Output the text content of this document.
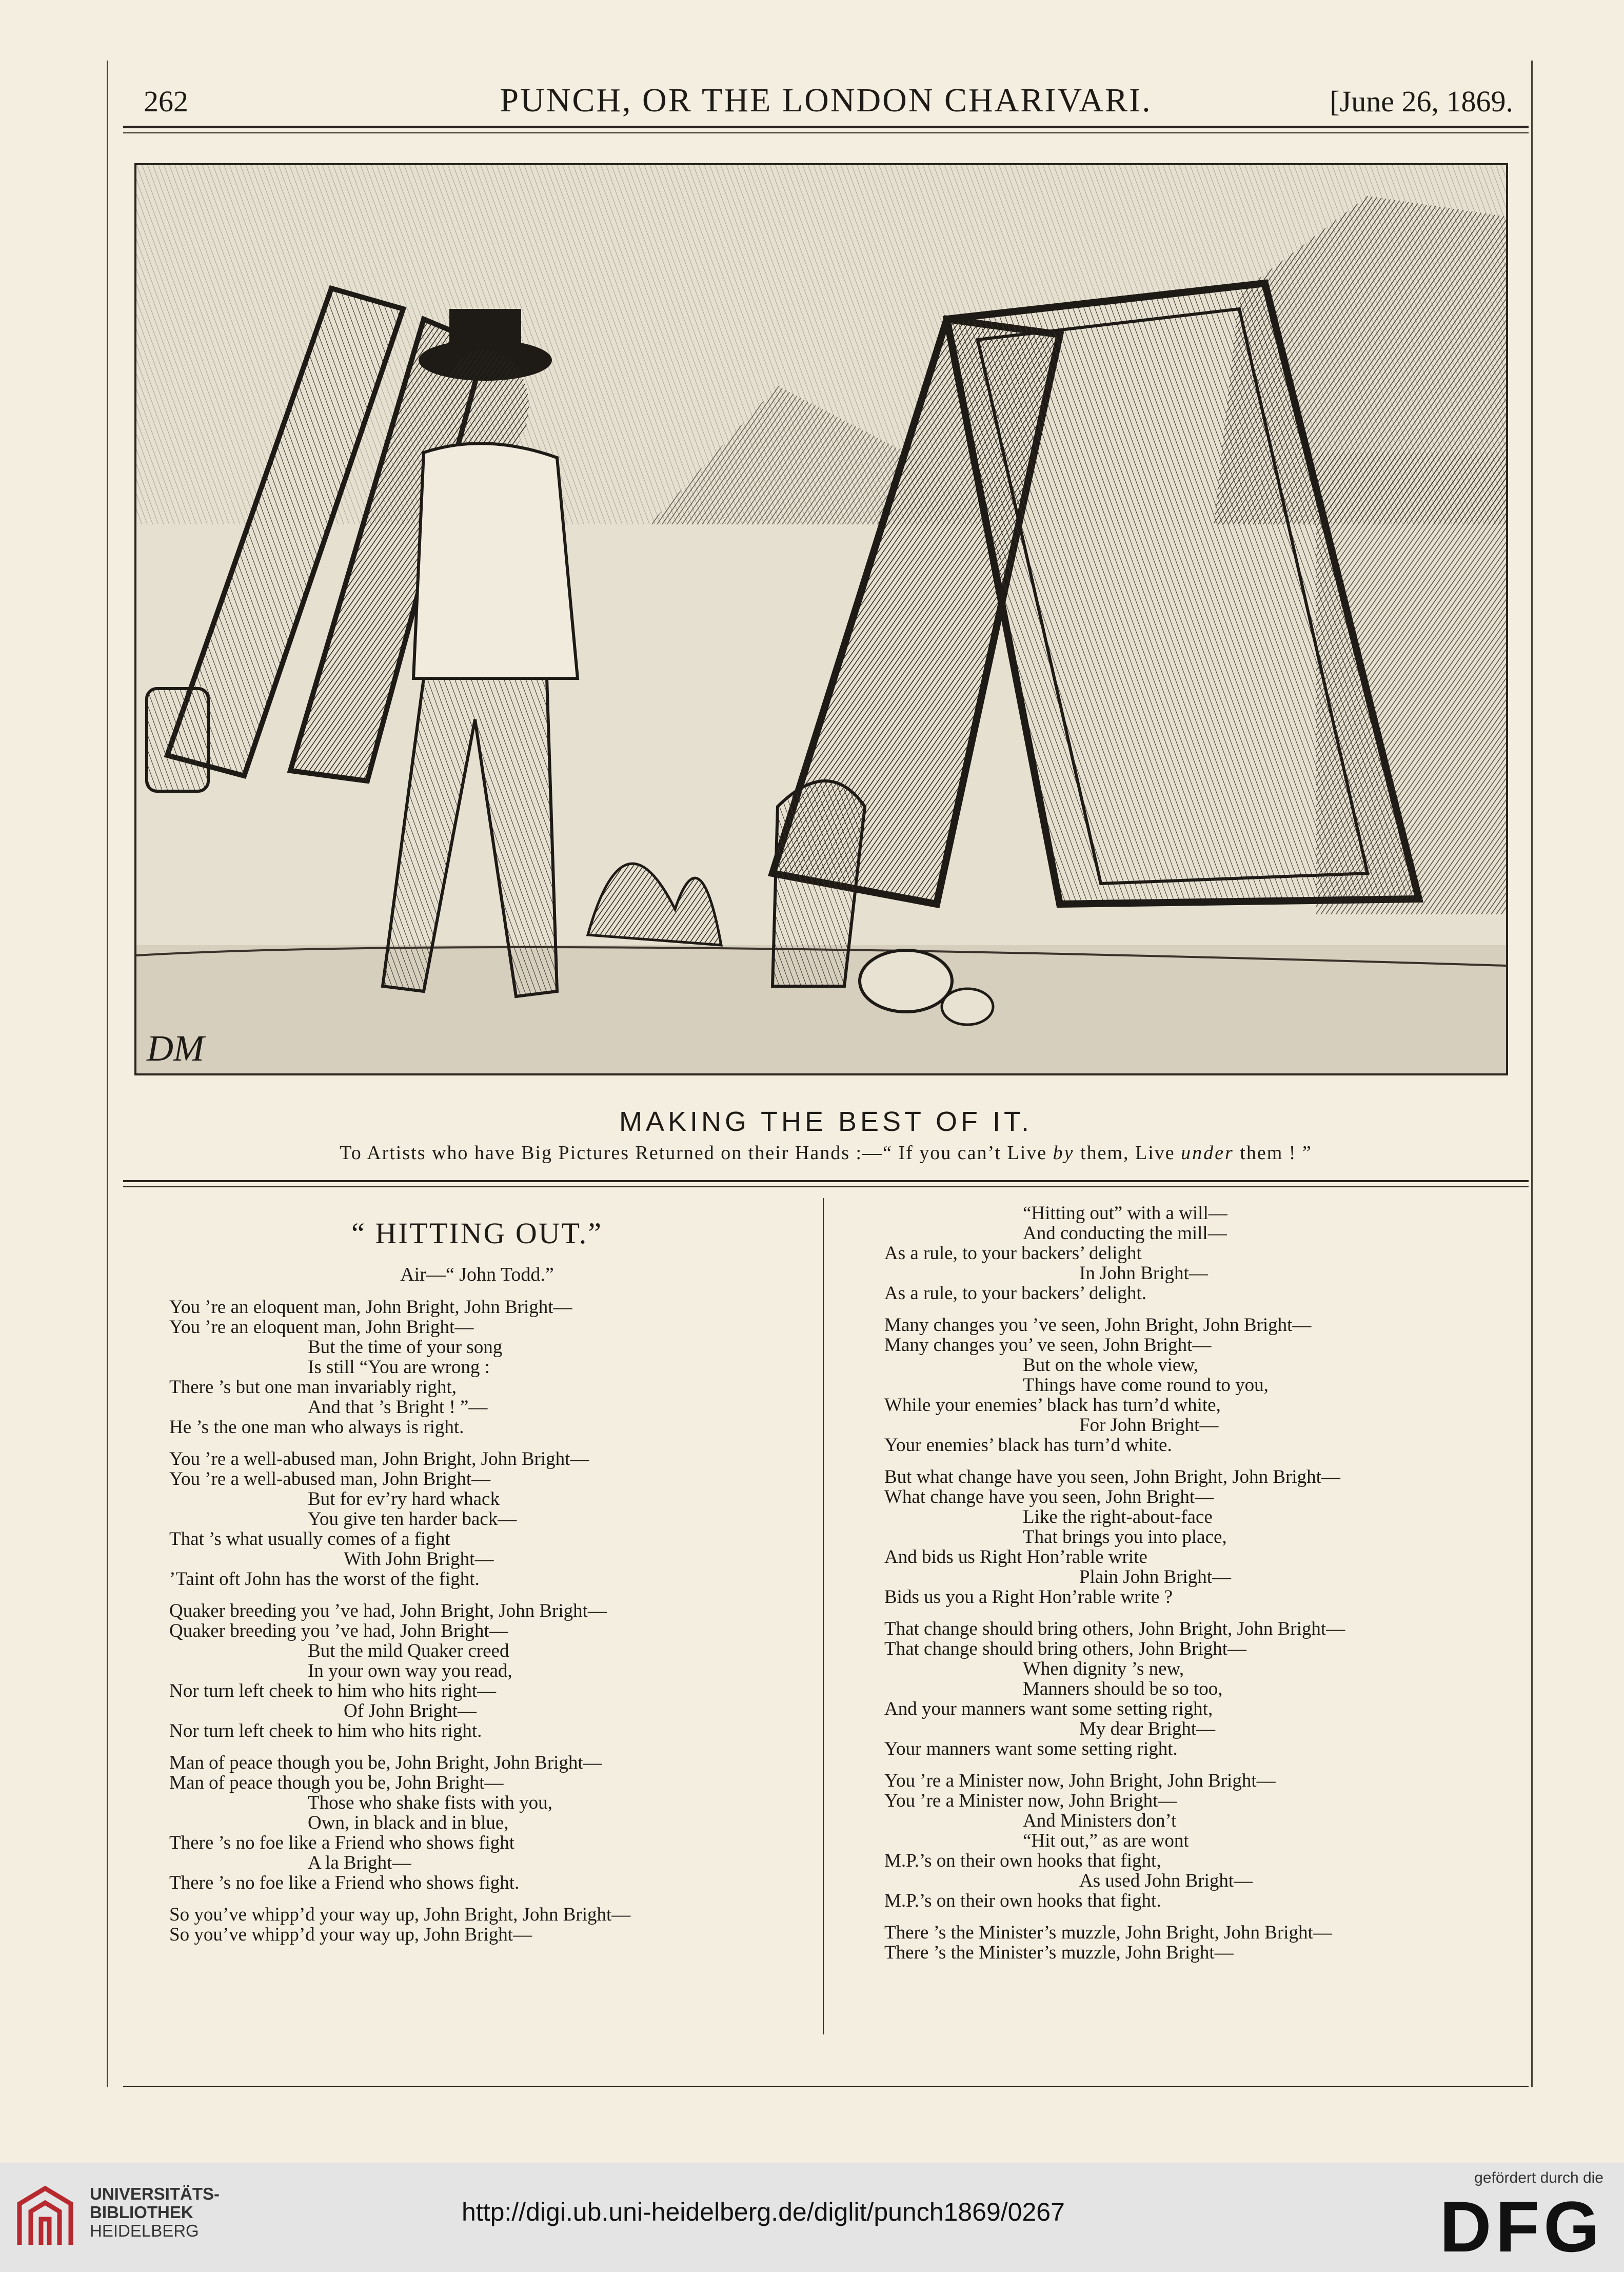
262	PUNCH, OR THE LONDON CHARIVARI.	[June 26, 1869.
DM
MAKING THE BEST OF IT.
To Artists who have Big Pictures Returned on their Hands :—“ If you can’t Live by them, Live under them ! ”
“ HITTING OUT.”
Air—“ John Todd.”
You ’re an eloquent man, John Bright, John Bright—
You ’re an eloquent man, John Bright—
But the time of your song
Is still “You are wrong :
There ’s but one man invariably right,
And that ’s Bright ! ”—
He ’s the one man who always is right.
You ’re a well-abused man, John Bright, John Bright—
You ’re a well-abused man, John Bright—
But for ev’ry hard whack
You give ten harder back—
That ’s what usually comes of a fight
With John Bright—
’Taint oft John has the worst of the fight.
Quaker breeding you ’ve had, John Bright, John Bright—
Quaker breeding you ’ve had, John Bright—
But the mild Quaker creed
In your own way you read,
Nor turn left cheek to him who hits right—
Of John Bright—
Nor turn left cheek to him who hits right.
Man of peace though you be, John Bright, John Bright—
Man of peace though you be, John Bright—
Those who shake fists with you,
Own, in black and in blue,
There ’s no foe like a Friend who shows fight
A la Bright—
There ’s no foe like a Friend who shows fight.
So you’ve whipp’d your way up, John Bright, John Bright—
So you’ve whipp’d your way up, John Bright—
“Hitting out” with a will—
And conducting the mill—
As a rule, to your backers’ delight
In John Bright—
As a rule, to your backers’ delight.
Many changes you ’ve seen, John Bright, John Bright—
Many changes you’ ve seen, John Bright—
But on the whole view,
Things have come round to you,
While your enemies’ black has turn’d white,
For John Bright—
Your enemies’ black has turn’d white.
But what change have you seen, John Bright, John Bright—
What change have you seen, John Bright—
Like the right-about-face
That brings you into place,
And bids us Right Hon’rable write
Plain John Bright—
Bids us you a Right Hon’rable write ?
That change should bring others, John Bright, John Bright—
That change should bring others, John Bright—
When dignity ’s new,
Manners should be so too,
And your manners want some setting right,
My dear Bright—
Your manners want some setting right.
You ’re a Minister now, John Bright, John Bright—
You ’re a Minister now, John Bright—
And Ministers don’t
“Hit out,” as are wont
M.P.’s on their own hooks that fight,
As used John Bright—
M.P.’s on their own hooks that fight.
There ’s the Minister’s muzzle, John Bright, John Bright—
There ’s the Minister’s muzzle, John Bright—
UNIVERSITÄTS-
BIBLIOTHEK
HEIDELBERG
http://digi.ub.uni-heidelberg.de/diglit/punch1869/0267
gefördert durch die
DFG
